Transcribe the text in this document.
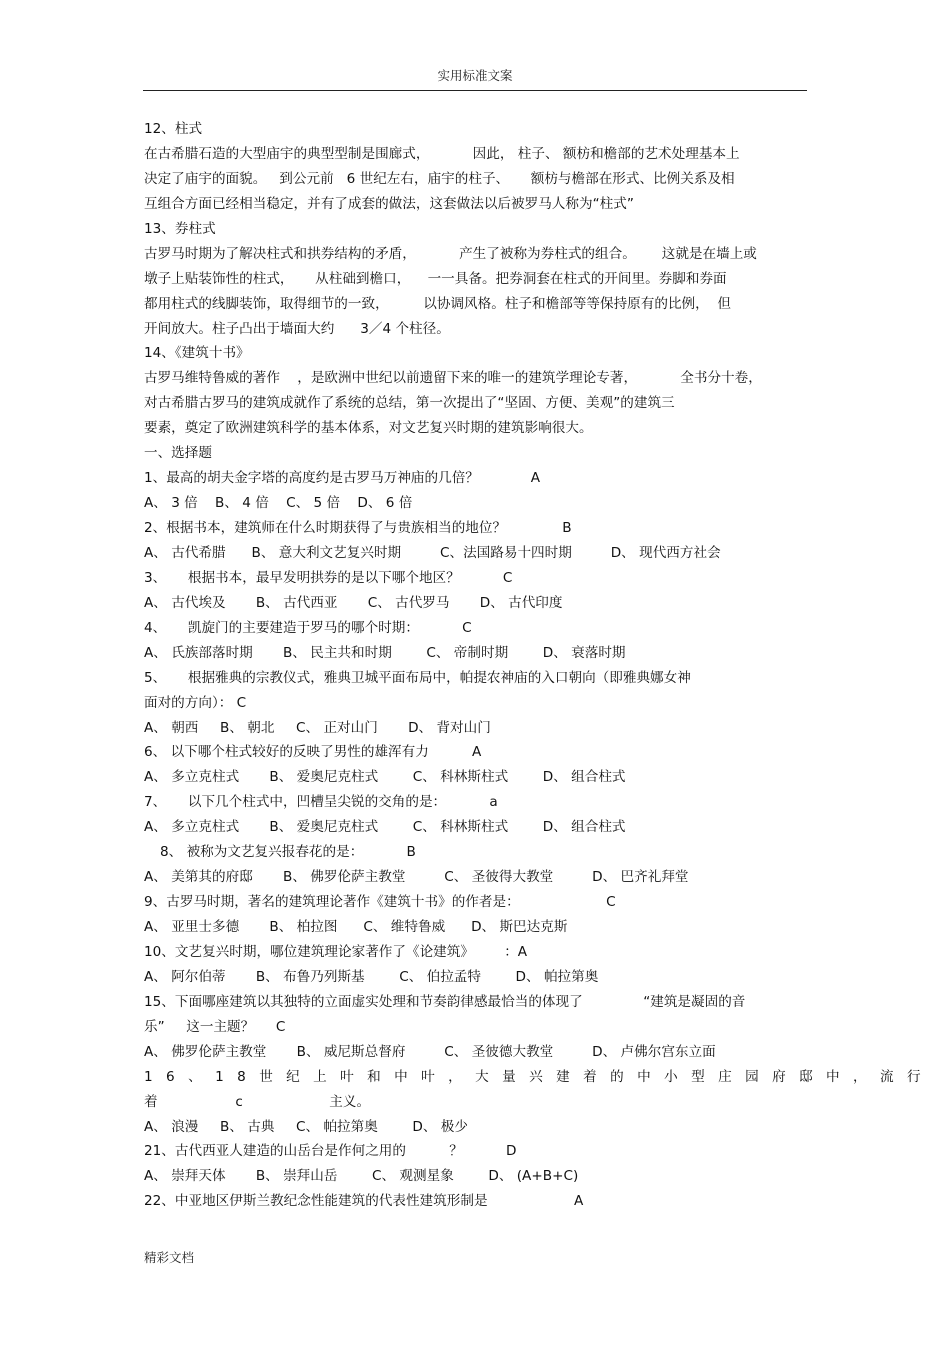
实用标准文案
12、柱式
在古希腊石造的大型庙宇的典型型制是围廊式，          因此， 柱子、 额枋和檐部的艺术处理基本上
决定了庙宇的面貌。   到公元前   6 世纪左右，庙宇的柱子、     额枋与檐部在形式、比例关系及相
互组合方面已经相当稳定，并有了成套的做法，这套做法以后被罗马人称为“柱式”
13、券柱式
古罗马时期为了解决柱式和拱券结构的矛盾，          产生了被称为券柱式的组合。      这就是在墙上或
墩子上贴装饰性的柱式，     从柱础到檐口，    一一具备。把券洞套在柱式的开间里。券脚和券面
都用柱式的线脚装饰，取得细节的一致，        以协调风格。柱子和檐部等等保持原有的比例，  但
开间放大。柱子凸出于墙面大约      3／4 个柱径。
14、《建筑十书》
古罗马维特鲁威的著作    ，是欧洲中世纪以前遗留下来的唯一的建筑学理论专著，          全书分十卷，
对古希腊古罗马的建筑成就作了系统的总结，第一次提出了“坚固、方便、美观”的建筑三
要素，奠定了欧洲建筑科学的基本体系，对文艺复兴时期的建筑影响很大。
一、选择题
1、最高的胡夫金字塔的高度约是古罗马万神庙的几倍？            A
A、 3 倍    B、 4 倍    C、 5 倍    D、 6 倍
2、根据书本，建筑师在什么时期获得了与贵族相当的地位？             B
A、 古代希腊      B、 意大利文艺复兴时期         C、法国路易十四时期         D、 现代西方社会
3、     根据书本，最早发明拱券的是以下哪个地区？          C
A、 古代埃及       B、 古代西亚       C、 古代罗马       D、 古代印度
4、     凯旋门的主要建造于罗马的哪个时期：          C
A、 氏族部落时期       B、 民主共和时期        C、 帝制时期        D、 衰落时期
5、     根据雅典的宗教仪式，雅典卫城平面布局中，帕提农神庙的入口朝向（即雅典娜女神
面对的方向）： C
A、 朝西     B、 朝北     C、 正对山门       D、 背对山门
6、 以下哪个柱式较好的反映了男性的雄浑有力          A
A、 多立克柱式       B、 爱奥尼克柱式        C、 科林斯柱式        D、 组合柱式
7、     以下几个柱式中，凹槽呈尖锐的交角的是：          a
A、 多立克柱式       B、 爱奥尼克柱式        C、 科林斯柱式        D、 组合柱式
8、 被称为文艺复兴报春花的是：          B
A、 美第其的府邸       B、 佛罗伦萨主教堂         C、 圣彼得大教堂         D、 巴齐礼拜堂
9、古罗马时期，著名的建筑理论著作《建筑十书》的作者是：                    C
A、 亚里士多德       B、 柏拉图      C、 维特鲁威      D、 斯巴达克斯
10、文艺复兴时期，哪位建筑理论家著作了《论建筑》       ：A
A、 阿尔伯蒂       B、 布鲁乃列斯基        C、 伯拉孟特        D、 帕拉第奥
15、下面哪座建筑以其独特的立面虚实处理和节奏韵律感最恰当的体现了              “建筑是凝固的音
乐”     这一主题？     C
A、 佛罗伦萨主教堂       B、 威尼斯总督府         C、 圣彼德大教堂         D、 卢佛尔宫东立面
16、18世纪上叶和中叶，大量兴建着的中小型庄园府邸中，流行
着                  c                    主义。
A、 浪漫     B、 古典     C、 帕拉第奥        D、 极少
21、古代西亚人建造的山岳台是作何之用的          ？          D
A、 崇拜天体       B、 崇拜山岳        C、 观测星象        D、 (A+B+C)
22、中亚地区伊斯兰教纪念性能建筑的代表性建筑形制是                    A
精彩文档
